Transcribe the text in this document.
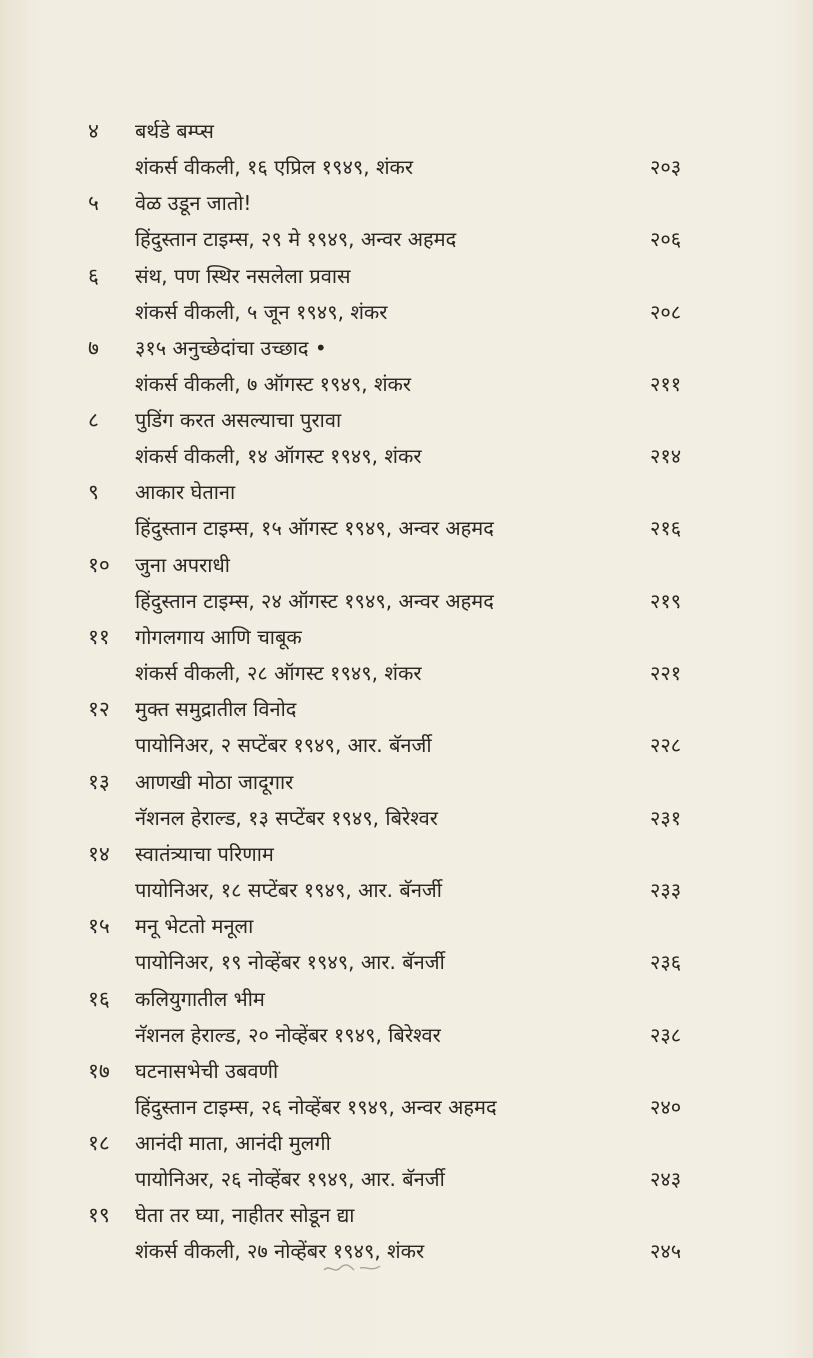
४	बर्थडे बम्प्स
शंकर्स वीकली, १६ एप्रिल १९४९, शंकर	२०३
५	वेळ उडून जातो!
हिंदुस्तान टाइम्स, २९ मे १९४९, अन्वर अहमद	२०६
६	संथ, पण स्थिर नसलेला प्रवास
शंकर्स वीकली, ५ जून १९४९, शंकर	२०८
७	३१५ अनुच्छेदांचा उच्छाद •
शंकर्स वीकली, ७ ऑगस्ट १९४९, शंकर	२११
८	पुडिंग करत असल्याचा पुरावा
शंकर्स वीकली, १४ ऑगस्ट १९४९, शंकर	२१४
९	आकार घेताना
हिंदुस्तान टाइम्स, १५ ऑगस्ट १९४९, अन्वर अहमद	२१६
१०	जुना अपराधी
हिंदुस्तान टाइम्स, २४ ऑगस्ट १९४९, अन्वर अहमद	२१९
११	गोगलगाय आणि चाबूक
शंकर्स वीकली, २८ ऑगस्ट १९४९, शंकर	२२१
१२	मुक्त समुद्रातील विनोद
पायोनिअर, २ सप्टेंबर १९४९, आर. बॅनर्जी	२२८
१३	आणखी मोठा जादूगार
नॅशनल हेराल्ड, १३ सप्टेंबर १९४९, बिरेश्वर	२३१
१४	स्वातंत्र्याचा परिणाम
पायोनिअर, १८ सप्टेंबर १९४९, आर. बॅनर्जी	२३३
१५	मनू भेटतो मनूला
पायोनिअर, १९ नोव्हेंबर १९४९, आर. बॅनर्जी	२३६
१६	कलियुगातील भीम
नॅशनल हेराल्ड, २० नोव्हेंबर १९४९, बिरेश्वर	२३८
१७	घटनासभेची उबवणी
हिंदुस्तान टाइम्स, २६ नोव्हेंबर १९४९, अन्वर अहमद	२४०
१८	आनंदी माता, आनंदी मुलगी
पायोनिअर, २६ नोव्हेंबर १९४९, आर. बॅनर्जी	२४३
१९	घेता तर घ्या, नाहीतर सोडून द्या
शंकर्स वीकली, २७ नोव्हेंबर १९४९, शंकर	२४५
